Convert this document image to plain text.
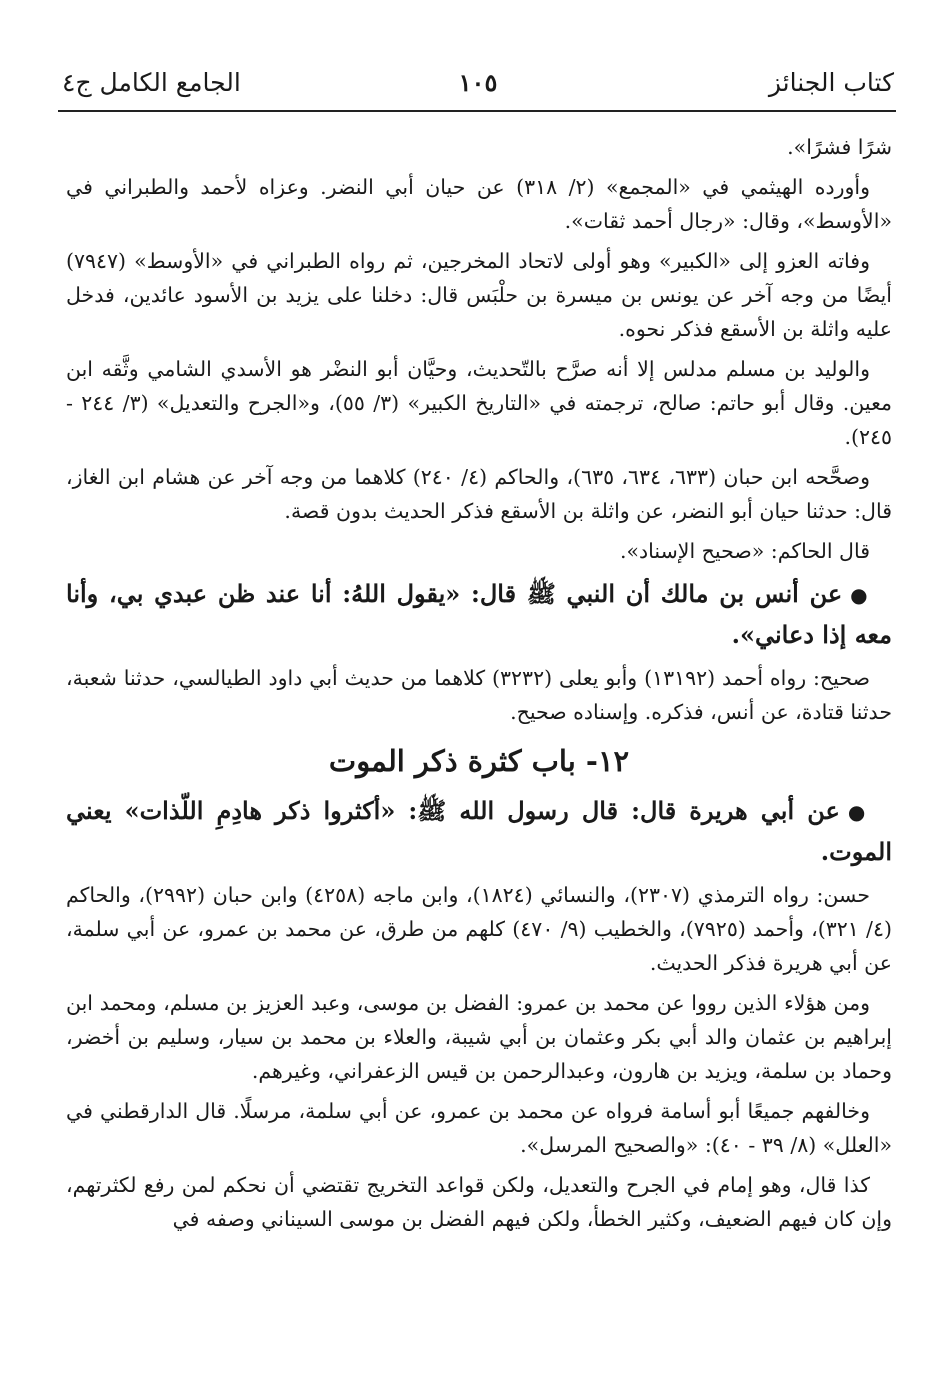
كتاب الجنائز
١٠٥
الجامع الكامل ج٤

شرًا فشرًا».

وأورده الهيثمي في «المجمع» (٢/ ٣١٨) عن حيان أبي النضر. وعزاه لأحمد والطبراني في «الأوسط»، وقال: «رجال أحمد ثقات».

وفاته العزو إلى «الكبير» وهو أولى لاتحاد المخرجين، ثم رواه الطبراني في «الأوسط» (٧٩٤٧) أيضًا من وجه آخر عن يونس بن ميسرة بن حلْبَس قال: دخلنا على يزيد بن الأسود عائدين، فدخل عليه واثلة بن الأسقع فذكر نحوه.

والوليد بن مسلم مدلس إلا أنه صرَّح بالتّحديث، وحيَّان أبو النضْر هو الأسدي الشامي وثَّقه ابن معين. وقال أبو حاتم: صالح، ترجمته في «التاريخ الكبير» (٣/ ٥٥)، و«الجرح والتعديل» (٣/ ٢٤٤ - ٢٤٥).

وصحَّحه ابن حبان (٦٣٣، ٦٣٤، ٦٣٥)، والحاكم (٤/ ٢٤٠) كلاهما من وجه آخر عن هشام ابن الغاز، قال: حدثنا حيان أبو النضر، عن واثلة بن الأسقع فذكر الحديث بدون قصة.

قال الحاكم: «صحيح الإسناد».

●عن أنس بن مالك أن النبي ﷺ قال: «يقول اللهُ: أنا عند ظن عبدي بي، وأنا معه إذا دعاني».

صحيح: رواه أحمد (١٣١٩٢) وأبو يعلى (٣٢٣٢) كلاهما من حديث أبي داود الطيالسي، حدثنا شعبة، حدثنا قتادة، عن أنس، فذكره. وإسناده صحيح.

١٢- باب كثرة ذكر الموت

●عن أبي هريرة قال: قال رسول الله ﷺ: «أكثروا ذكر هادِمِ اللّذات» يعني الموت.

حسن: رواه الترمذي (٢٣٠٧)، والنسائي (١٨٢٤)، وابن ماجه (٤٢٥٨) وابن حبان (٢٩٩٢)، والحاكم (٤/ ٣٢١)، وأحمد (٧٩٢٥)، والخطيب (٩/ ٤٧٠) كلهم من طرق، عن محمد بن عمرو، عن أبي سلمة، عن أبي هريرة فذكر الحديث.

ومن هؤلاء الذين رووا عن محمد بن عمرو: الفضل بن موسى، وعبد العزيز بن مسلم، ومحمد ابن إبراهيم بن عثمان والد أبي بكر وعثمان بن أبي شيبة، والعلاء بن محمد بن سيار، وسليم بن أخضر، وحماد بن سلمة، ويزيد بن هارون، وعبدالرحمن بن قيس الزعفراني، وغيرهم.

وخالفهم جميعًا أبو أسامة فرواه عن محمد بن عمرو، عن أبي سلمة، مرسلًا. قال الدارقطني في «العلل» (٨/ ٣٩ - ٤٠): «والصحيح المرسل».

كذا قال، وهو إمام في الجرح والتعديل، ولكن قواعد التخريج تقتضي أن نحكم لمن رفع لكثرتهم، وإن كان فيهم الضعيف، وكثير الخطأ، ولكن فيهم الفضل بن موسى السيناني وصفه في
